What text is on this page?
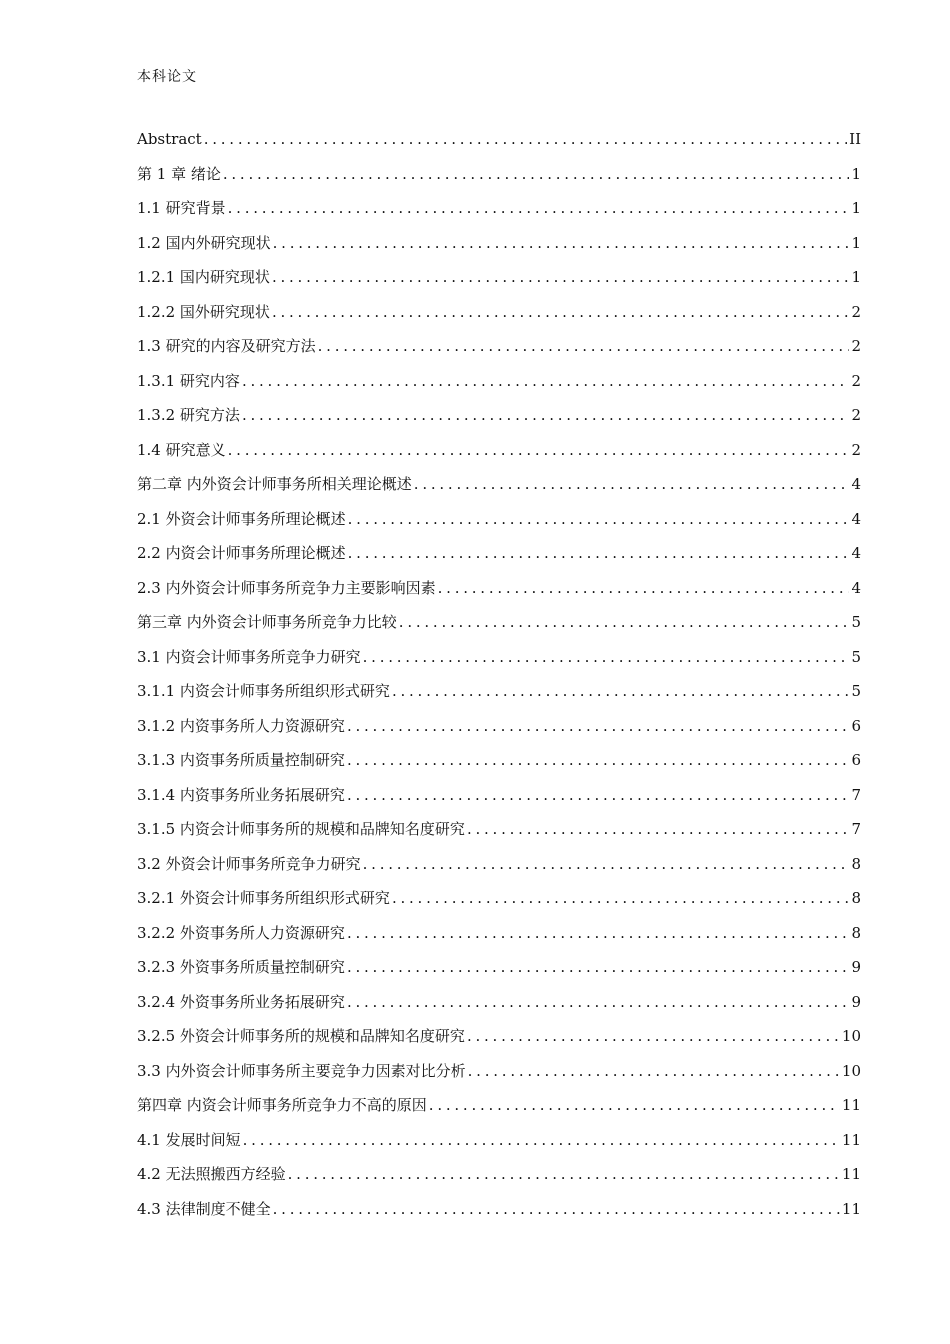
本科论文
Abstract . . .	II
第 1 章 绪论 . . .	1
1.1 研究背景 . . .	1
1.2 国内外研究现状 . . .	1
1.2.1 国内研究现状 . . .	1
1.2.2 国外研究现状 . . .	2
1.3 研究的内容及研究方法 . . .	2
1.3.1 研究内容 . . .	2
1.3.2 研究方法 . . .	2
1.4 研究意义 . . .	2
第二章 内外资会计师事务所相关理论概述 . . .	4
2.1 外资会计师事务所理论概述 . . .	4
2.2 内资会计师事务所理论概述 . . .	4
2.3 内外资会计师事务所竞争力主要影响因素 . . .	4
第三章 内外资会计师事务所竞争力比较 . . .	5
3.1 内资会计师事务所竞争力研究 . . .	5
3.1.1 内资会计师事务所组织形式研究 . . .	5
3.1.2 内资事务所人力资源研究 . . .	6
3.1.3 内资事务所质量控制研究 . . .	6
3.1.4 内资事务所业务拓展研究 . . .	7
3.1.5 内资会计师事务所的规模和品牌知名度研究 . . .	7
3.2 外资会计师事务所竞争力研究 . . .	8
3.2.1 外资会计师事务所组织形式研究 . . .	8
3.2.2 外资事务所人力资源研究 . . .	8
3.2.3 外资事务所质量控制研究 . . .	9
3.2.4 外资事务所业务拓展研究 . . .	9
3.2.5 外资会计师事务所的规模和品牌知名度研究 . . .	10
3.3 内外资会计师事务所主要竞争力因素对比分析 . . .	10
第四章 内资会计师事务所竞争力不高的原因 . . .	11
4.1 发展时间短 . . .	11
4.2 无法照搬西方经验 . . .	11
4.3 法律制度不健全 . . .	11
